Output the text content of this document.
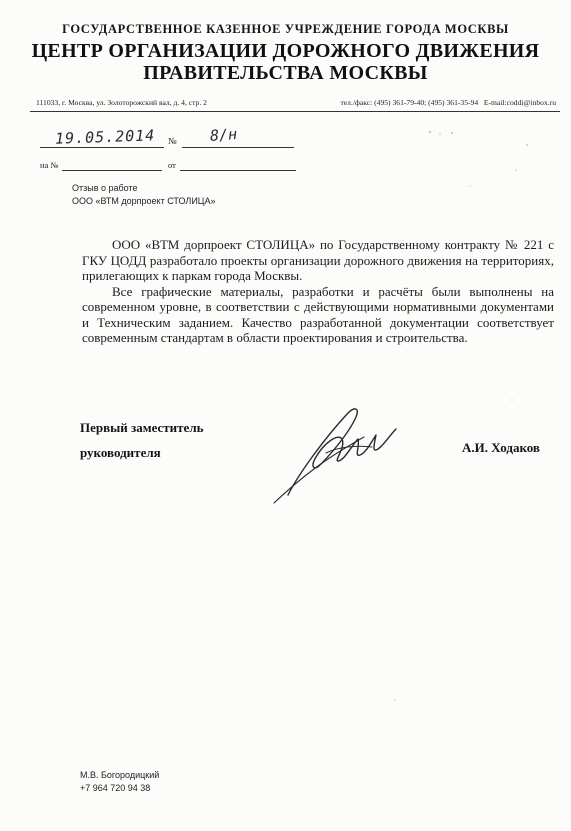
ГОСУДАРСТВЕННОЕ КАЗЕННОЕ УЧРЕЖДЕНИЕ ГОРОДА МОСКВЫ
ЦЕНТР ОРГАНИЗАЦИИ ДОРОЖНОГО ДВИЖЕНИЯ
ПРАВИТЕЛЬСТВА МОСКВЫ
111033, г. Москва, ул. Золоторожский вал, д. 4, стр. 2	тел./факс: (495) 361-79-40; (495) 361-35-94 E-mail:coddi@inbox.ru
19.05.2014 № 8/н
на №	от
Отзыв о работе
ООО «ВТМ дорпроект СТОЛИЦА»

ООО «ВТМ дорпроект СТОЛИЦА» по Государственному контракту № 221 с ГКУ ЦОДД разработало проекты организации дорожного движения на территориях, прилегающих к паркам города Москвы.

Все графические материалы, разработки и расчёты были выполнены на современном уровне, в соответствии с действующими нормативными документами и Техническим заданием. Качество разработанной документации соответствует современным стандартам в области проектирования и строительства.

Первый заместитель
руководителя	А.И. Ходаков
М.В. Богородицкий
+7 964 720 94 38
